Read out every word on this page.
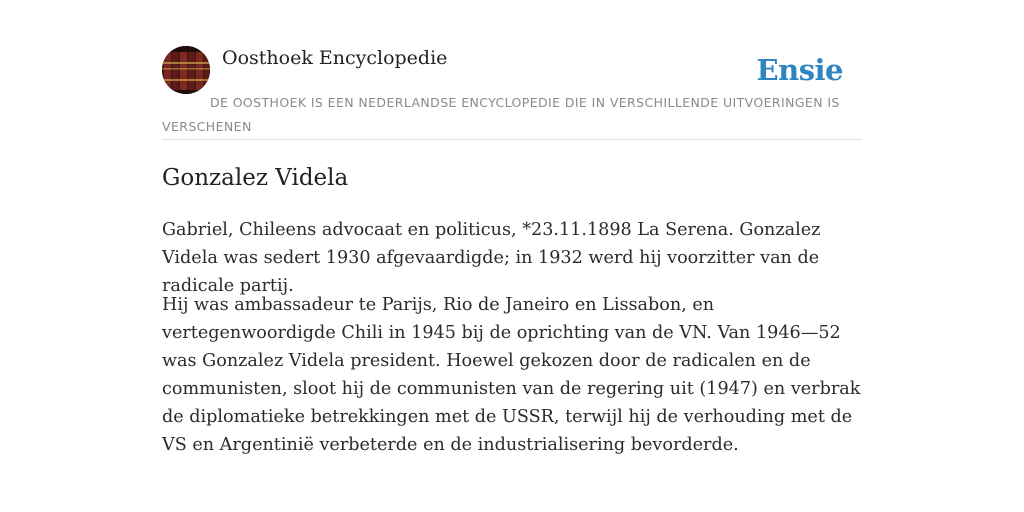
Oosthoek Encyclopedie	Ensie
DE OOSTHOEK IS EEN NEDERLANDSE ENCYCLOPEDIE DIE IN VERSCHILLENDE UITVOERINGEN IS VERSCHENEN
Gonzalez Videla

Gabriel, Chileens advocaat en politicus, *23.11.1898 La Serena. Gonzalez Videla was sedert 1930 afgevaardigde; in 1932 werd hij voorzitter van de radicale partij.

Hij was ambassadeur te Parijs, Rio de Janeiro en Lissabon, en vertegenwoordigde Chili in 1945 bij de oprichting van de VN. Van 1946—52 was Gonzalez Videla president. Hoewel gekozen door de radicalen en de communisten, sloot hij de communisten van de regering uit (1947) en verbrak de diplomatieke betrekkingen met de USSR, terwijl hij de verhouding met de VS en Argentinië verbeterde en de industrialisering bevorderde.
